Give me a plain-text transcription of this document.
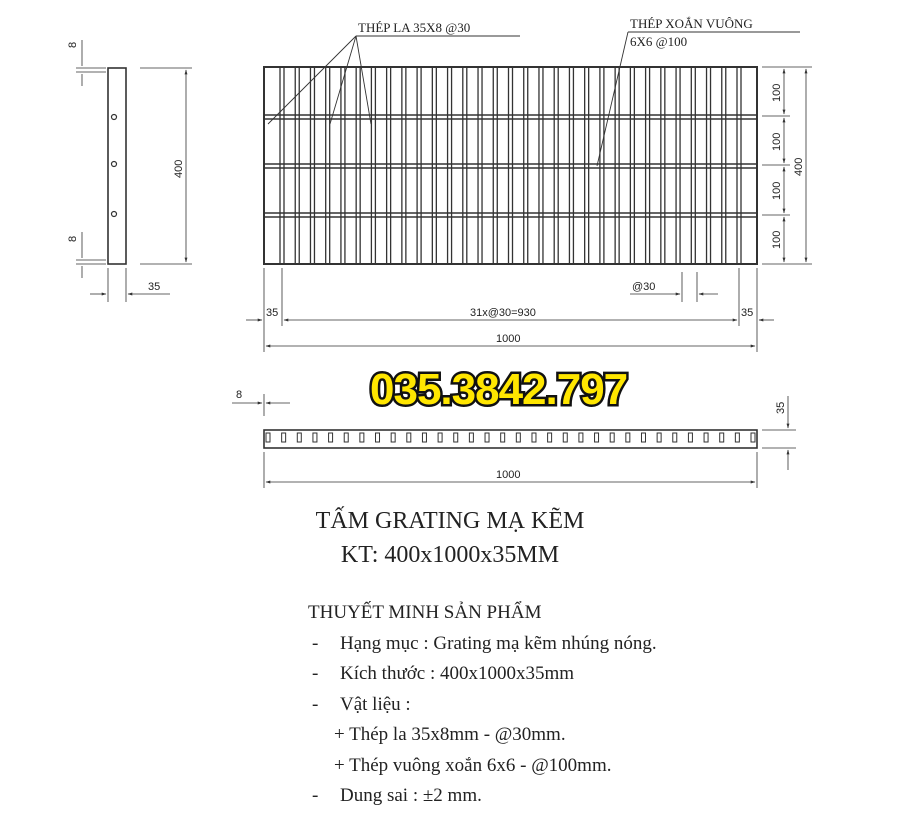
8
8
400
35
THÉP LA 35X8 @30	THÉP XOẮN VUÔNG
6X6 @100
100
100
100
100
400
@30
35	35
31x@30=930
1000
035.3842.797
8
35
1000
TẤM GRATING MẠ KẼM
KT: 400x1000x35MM
THUYẾT MINH SẢN PHẨM
- Hạng mục : Grating mạ kẽm nhúng nóng.
- Kích thước : 400x1000x35mm
- Vật liệu :
+ Thép la 35x8mm - @30mm.
+ Thép vuông xoắn 6x6 - @100mm.
- Dung sai : ±2 mm.
